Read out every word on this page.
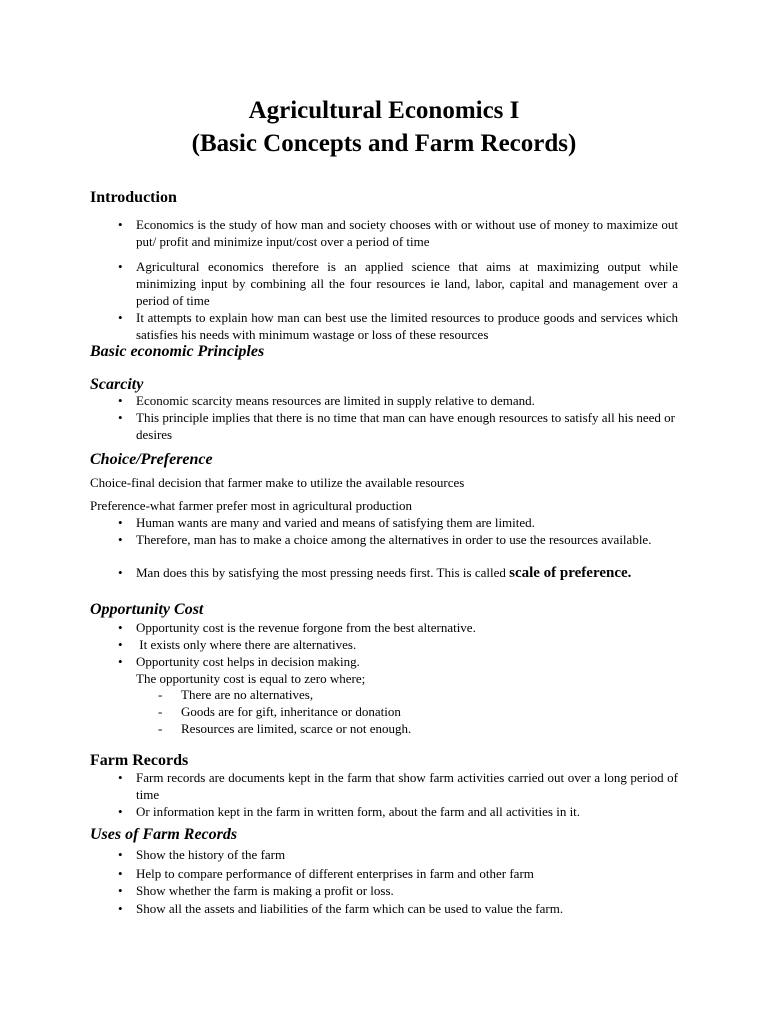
Agricultural Economics I
(Basic Concepts and Farm Records)
Introduction
• Economics is the study of how man and society chooses with or without use of money to maximize out put/ profit and minimize input/cost over a period of time
• Agricultural economics therefore is an applied science that aims at maximizing output while minimizing input by combining all the four resources ie land, labor, capital and management over a period of time
• It attempts to explain how man can best use the limited resources to produce goods and services which satisfies his needs with minimum wastage or loss of these resources
Basic economic Principles
Scarcity
• Economic scarcity means resources are limited in supply relative to demand.
• This principle implies that there is no time that man can have enough resources to satisfy all his need or desires
Choice/Preference

Choice-final decision that farmer make to utilize the available resources

Preference-what farmer prefer most in agricultural production

• Human wants are many and varied and means of satisfying them are limited.
• Therefore, man has to make a choice among the alternatives in order to use the resources available.
• Man does this by satisfying the most pressing needs first. This is called scale of preference.
Opportunity Cost
• Opportunity cost is the revenue forgone from the best alternative.
• It exists only where there are alternatives.
• Opportunity cost helps in decision making.

The opportunity cost is equal to zero where;

- There are no alternatives,

- Goods are for gift, inheritance or donation

- Resources are limited, scarce or not enough.

Farm Records
• Farm records are documents kept in the farm that show farm activities carried out over a long period of time
• Or information kept in the farm in written form, about the farm and all activities in it.
Uses of Farm Records
• Show the history of the farm
• Help to compare performance of different enterprises in farm and other farm
• Show whether the farm is making a profit or loss.
• Show all the assets and liabilities of the farm which can be used to value the farm.
